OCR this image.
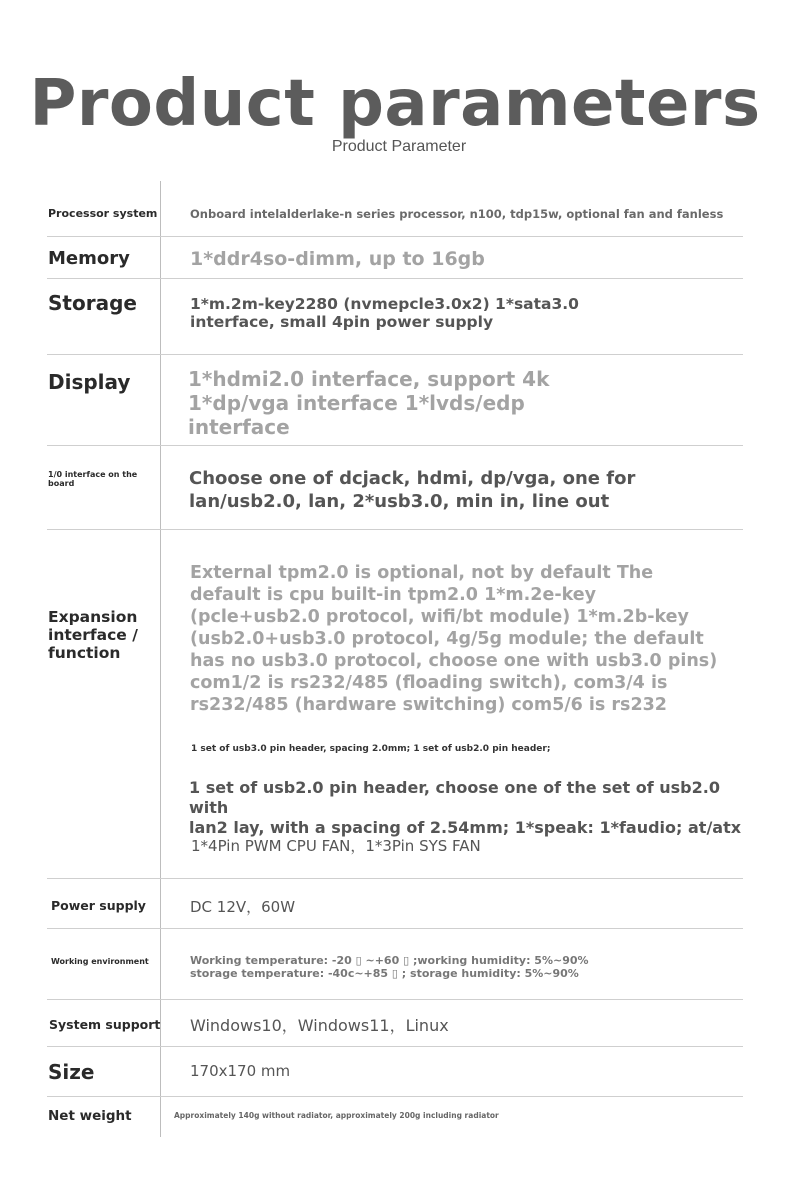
Product parameters
Product Parameter
Processor system	Onboard intelalderlake-n series processor, n100, tdp15w, optional fan and fanless
Memory	1*ddr4so-dimm, up to 16gb
Storage	1*m.2m-key2280 (nvmepcle3.0x2) 1*sata3.0
interface, small 4pin power supply
Display	1*hdmi2.0 interface, support 4k
1*dp/vga interface 1*lvds/edp
interface
1/0 interface on the board	Choose one of dcjack, hdmi, dp/vga, one for
lan/usb2.0, lan, 2*usb3.0, min in, line out
Expansion interface / function
External tpm2.0 is optional, not by default The
default is cpu built-in tpm2.0 1*m.2e-key
(pcle+usb2.0 protocol, wifi/bt module) 1*m.2b-key
(usb2.0+usb3.0 protocol, 4g/5g module; the default
has no usb3.0 protocol, choose one with usb3.0 pins)
com1/2 is rs232/485 (floading switch), com3/4 is
rs232/485 (hardware switching) com5/6 is rs232
1 set of usb3.0 pin header, spacing 2.0mm; 1 set of usb2.0 pin header;
1 set of usb2.0 pin header, choose one of the set of usb2.0 with
lan2 lay, with a spacing of 2.54mm; 1*speak: 1*faudio; at/atx
1*4Pin PWM CPU FAN，1*3Pin SYS FAN
Power supply	DC 12V，60W
Working environment	Working temperature: -20 ▯ ~+60 ▯ ;working humidity: 5%~90%
storage temperature: -40c~+85 ▯ ; storage humidity: 5%~90%
System support Windows10，Windows11，Linux
Size	170x170 mm
Net weight	Approximately 140g without radiator, approximately 200g including radiator
